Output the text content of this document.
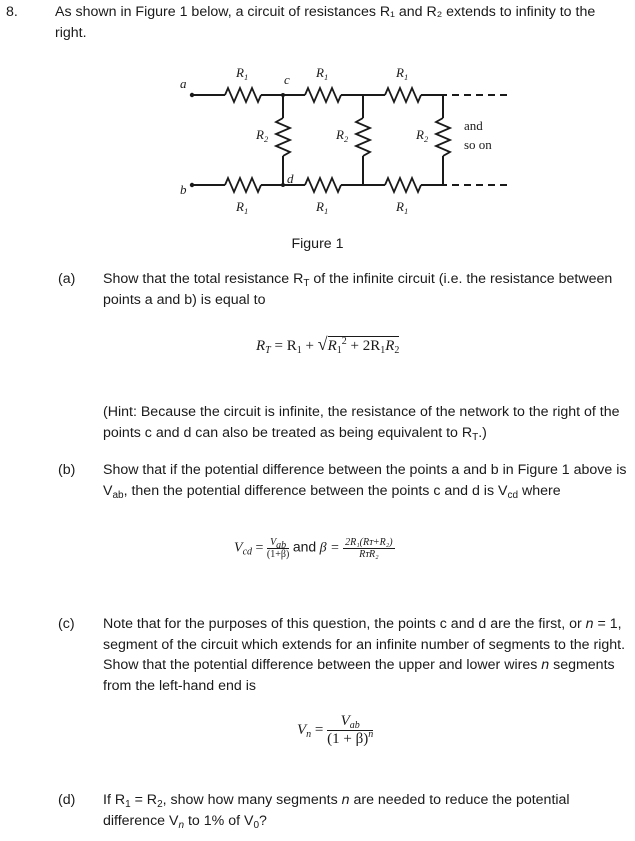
8.	As shown in Figure 1 below, a circuit of resistances R₁ and R₂ extends to infinity to the right.
a
b
c
d
$R_1$	$R_1$	$R_1$
$R_1$	$R_1$	$R_1$
$R_2$	$R_2$	$R_2$
and
so on
Figure 1
(a) Show that the total resistance $R_T$ of the infinite circuit (i.e. the resistance between points a and b) is equal to
$R_T = R_1 + √R_1^2 + 2R_1R_2$
(Hint: Because the circuit is infinite, the resistance of the network to the right of the points c and d can also be treated as being equivalent to $R_T$.)
(b) Show that if the potential difference between the points a and b in Figure 1 above is $V_{ab}$, then the potential difference between the points c and d is $V_{cd}$ where
$V_{cd} = \frac{V_{ab}}{(1+\beta)}$ and $\beta = \frac{\text{2R₁(Rᴛ+R₂)}}{\text{RᴛR₂}}$
(c) Note that for the purposes of this question, the points c and d are the first, or n = 1, segment of the circuit which extends for an infinite number of segments to the right. Show that the potential difference between the upper and lower wires n segments from the left-hand end is
$V_n = \frac{V_{ab}}{(1 + \beta)^n}$
(d) If $R_1 = R_2$, show how many segments n are needed to reduce the potential difference $V_n$ to 1% of $V_0$?
